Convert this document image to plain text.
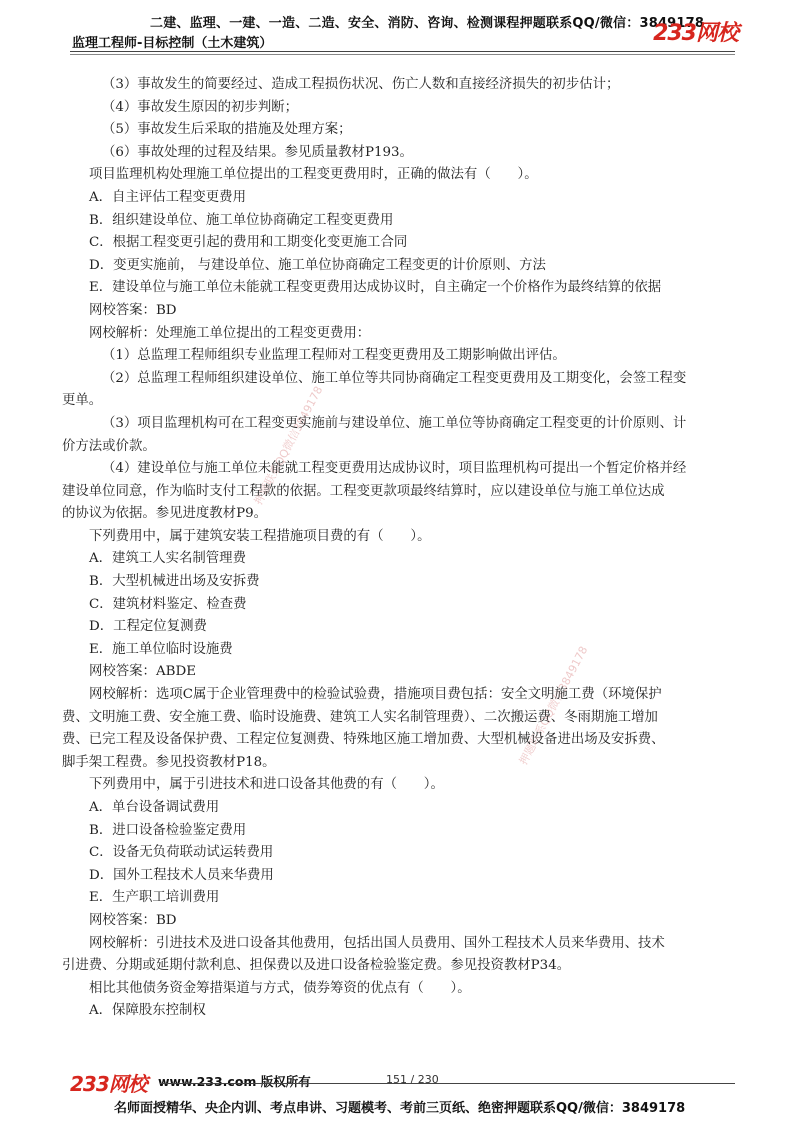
二建、监理、一建、一造、二造、安全、消防、咨询、检测课程押题联系QQ/微信：3849178
监理工程师-目标控制（土木建筑）	233网校
押题联系QQ微信3849178
押题联系QQ微信3849178

（3）事故发生的简要经过、造成工程损伤状况、伤亡人数和直接经济损失的初步估计；

（4）事故发生原因的初步判断；

（5）事故发生后采取的措施及处理方案；

（6）事故处理的过程及结果。参见质量教材P193。

项目监理机构处理施工单位提出的工程变更费用时，正确的做法有（　　）。

A．自主评估工程变更费用

B．组织建设单位、施工单位协商确定工程变更费用

C．根据工程变更引起的费用和工期变化变更施工合同

D．变更实施前， 与建设单位、施工单位协商确定工程变更的计价原则、方法

E．建设单位与施工单位未能就工程变更费用达成协议时，自主确定一个价格作为最终结算的依据

网校答案：BD

网校解析：处理施工单位提出的工程变更费用：

（1）总监理工程师组织专业监理工程师对工程变更费用及工期影响做出评估。

（2）总监理工程师组织建设单位、施工单位等共同协商确定工程变更费用及工期变化，会签工程变

更单。

（3）项目监理机构可在工程变更实施前与建设单位、施工单位等协商确定工程变更的计价原则、计

价方法或价款。

（4）建设单位与施工单位未能就工程变更费用达成协议时，项目监理机构可提出一个暂定价格并经

建设单位同意，作为临时支付工程款的依据。工程变更款项最终结算时，应以建设单位与施工单位达成

的协议为依据。参见进度教材P9。

下列费用中，属于建筑安装工程措施项目费的有（　　）。

A．建筑工人实名制管理费

B．大型机械进出场及安拆费

C．建筑材料鉴定、检查费

D．工程定位复测费

E．施工单位临时设施费

网校答案：ABDE

网校解析：选项C属于企业管理费中的检验试验费，措施项目费包括：安全文明施工费（环境保护

费、文明施工费、安全施工费、临时设施费、建筑工人实名制管理费）、二次搬运费、冬雨期施工增加

费、已完工程及设备保护费、工程定位复测费、特殊地区施工增加费、大型机械设备进出场及安拆费、

脚手架工程费。参见投资教材P18。

下列费用中，属于引进技术和进口设备其他费的有（　　）。

A．单台设备调试费用

B．进口设备检验鉴定费用

C．设备无负荷联动试运转费用

D．国外工程技术人员来华费用

E．生产职工培训费用

网校答案：BD

网校解析：引进技术及进口设备其他费用，包括出国人员费用、国外工程技术人员来华费用、技术

引进费、分期或延期付款利息、担保费以及进口设备检验鉴定费。参见投资教材P34。

相比其他债务资金筹措渠道与方式，债券筹资的优点有（　　）。

A．保障股东控制权

233网校 www.233.com 版权所有	151 / 230
名师面授精华、央企内训、考点串讲、习题模考、考前三页纸、绝密押题联系QQ/微信：3849178
